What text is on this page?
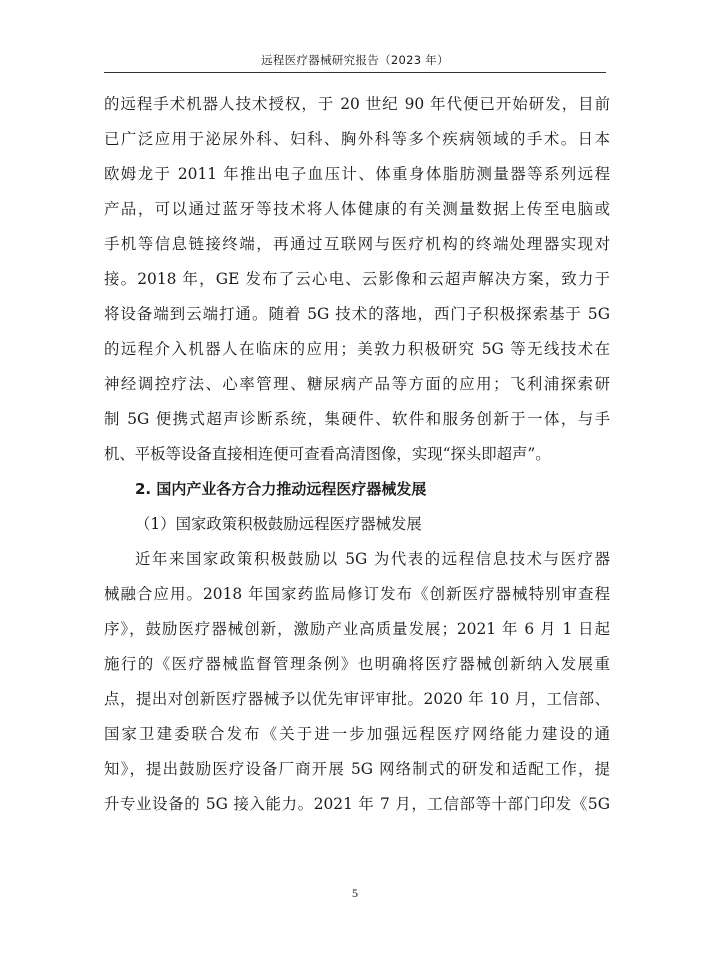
远程医疗器械研究报告（2023 年）

的远程手术机器人技术授权，于 20 世纪 90 年代便已开始研发，目前
已广泛应用于泌尿外科、妇科、胸外科等多个疾病领域的手术。日本
欧姆龙于 2011 年推出电子血压计、体重身体脂肪测量器等系列远程
产品，可以通过蓝牙等技术将人体健康的有关测量数据上传至电脑或
手机等信息链接终端，再通过互联网与医疗机构的终端处理器实现对
接。2018 年，GE 发布了云心电、云影像和云超声解决方案，致力于
将设备端到云端打通。随着 5G 技术的落地，西门子积极探索基于 5G
的远程介入机器人在临床的应用；美敦力积极研究 5G 等无线技术在
神经调控疗法、心率管理、糖尿病产品等方面的应用；飞利浦探索研
制 5G 便携式超声诊断系统，集硬件、软件和服务创新于一体，与手
机、平板等设备直接相连便可查看高清图像，实现“探头即超声”。

2. 国内产业各方合力推动远程医疗器械发展
（1）国家政策积极鼓励远程医疗器械发展

近年来国家政策积极鼓励以 5G 为代表的远程信息技术与医疗器
械融合应用。2018 年国家药监局修订发布《创新医疗器械特别审查程
序》，鼓励医疗器械创新，激励产业高质量发展；2021 年 6 月 1 日起
施行的《医疗器械监督管理条例》也明确将医疗器械创新纳入发展重
点，提出对创新医疗器械予以优先审评审批。2020 年 10 月，工信部、
国家卫建委联合发布《关于进一步加强远程医疗网络能力建设的通
知》，提出鼓励医疗设备厂商开展 5G 网络制式的研发和适配工作，提
升专业设备的 5G 接入能力。2021 年 7 月，工信部等十部门印发《5G

5
